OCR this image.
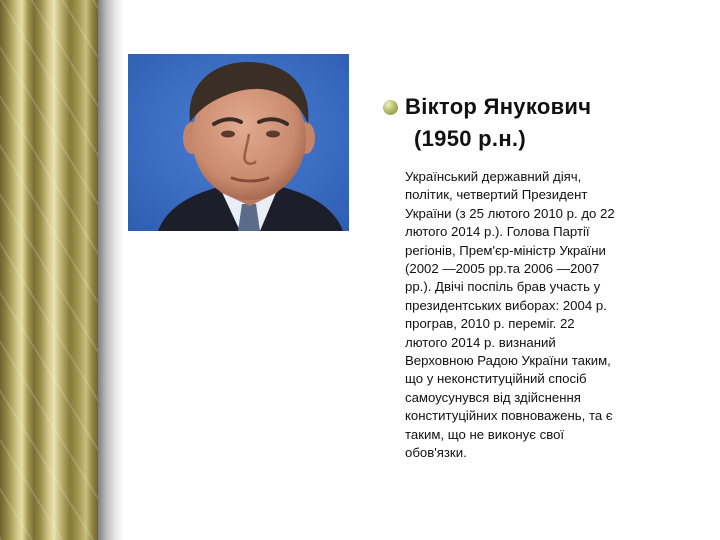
Віктор Янукович
(1950 р.н.)
Український державний діяч,
політик, четвертий Президент
України (з 25 лютого 2010 р. до 22
лютого 2014 р.). Голова Партії
регіонів, Прем'єр-міністр України
(2002 —2005 рр.та 2006 —2007
рр.). Двічі поспіль брав участь у
президентських виборах: 2004 р.
програв, 2010 р. переміг. 22
лютого 2014 р. визнаний
Верховною Радою України таким,
що у неконституційний спосіб
самоусунувся від здійснення
конституційних повноважень, та є
таким, що не виконує свої
обов'язки.
